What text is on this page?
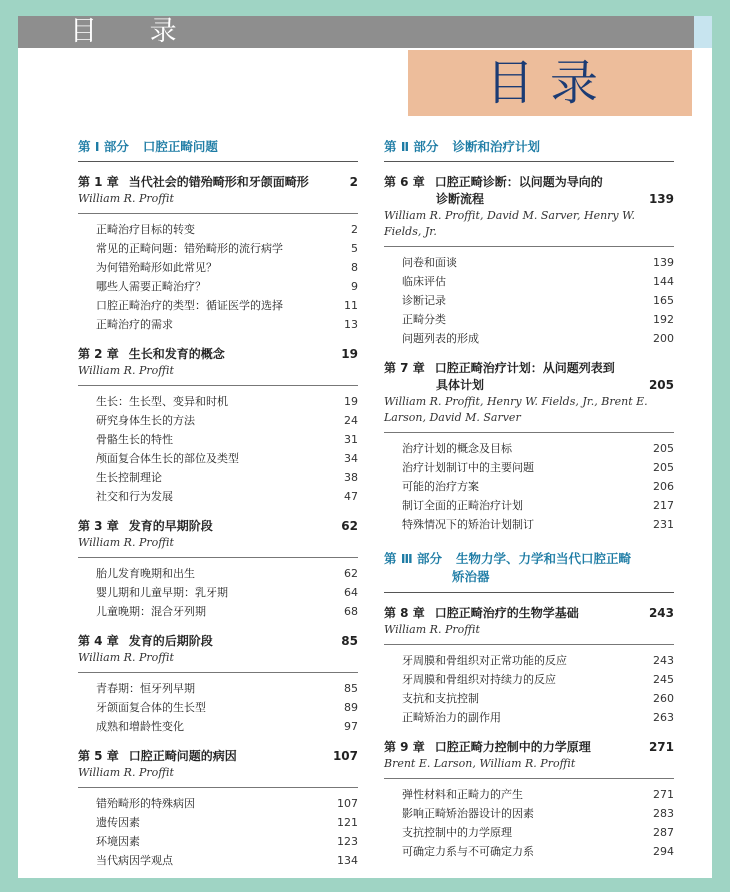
目 录
目录
第 Ⅰ 部分 口腔正畸问题
第 1 章 当代社会的错殆畸形和牙颌面畸形	2
William R. Proffit
正畸治疗目标的转变	2
常见的正畸问题：错殆畸形的流行病学	5
为何错殆畸形如此常见？	8
哪些人需要正畸治疗？	9
口腔正畸治疗的类型：循证医学的选择	11
正畸治疗的需求	13
第 2 章 生长和发育的概念	19
William R. Proffit
生长：生长型、变异和时机	19
研究身体生长的方法	24
骨骼生长的特性	31
颅面复合体生长的部位及类型	34
生长控制理论	38
社交和行为发展	47
第 3 章 发育的早期阶段	62
William R. Proffit
胎儿发育晚期和出生	62
婴儿期和儿童早期：乳牙期	64
儿童晚期：混合牙列期	68
第 4 章 发育的后期阶段	85
William R. Proffit
青春期：恒牙列早期	85
牙颌面复合体的生长型	89
成熟和增龄性变化	97
第 5 章 口腔正畸问题的病因	107
William R. Proffit
错殆畸形的特殊病因	107
遗传因素	121
环境因素	123
当代病因学观点	134
第 Ⅱ 部分 诊断和治疗计划
第 6 章 口腔正畸诊断：以问题为导向的
诊断流程	139
William R. Proffit, David M. Sarver, Henry W. Fields, Jr.
问卷和面谈	139
临床评估	144
诊断记录	165
正畸分类	192
问题列表的形成	200
第 7 章 口腔正畸治疗计划：从问题列表到
具体计划	205
William R. Proffit, Henry W. Fields, Jr., Brent E.
Larson, David M. Sarver
治疗计划的概念及目标	205
治疗计划制订中的主要问题	205
可能的治疗方案	206
制订全面的正畸治疗计划	217
特殊情况下的矫治计划制订	231
第 Ⅲ 部分 生物力学、力学和当代口腔正畸
矫治器
第 8 章 口腔正畸治疗的生物学基础	243
William R. Proffit
牙周膜和骨组织对正常功能的反应	243
牙周膜和骨组织对持续力的反应	245
支抗和支抗控制	260
正畸矫治力的副作用	263
第 9 章 口腔正畸力控制中的力学原理	271
Brent E. Larson, William R. Proffit
弹性材料和正畸力的产生	271
影响正畸矫治器设计的因素	283
支抗控制中的力学原理	287
可确定力系与不可确定力系	294
